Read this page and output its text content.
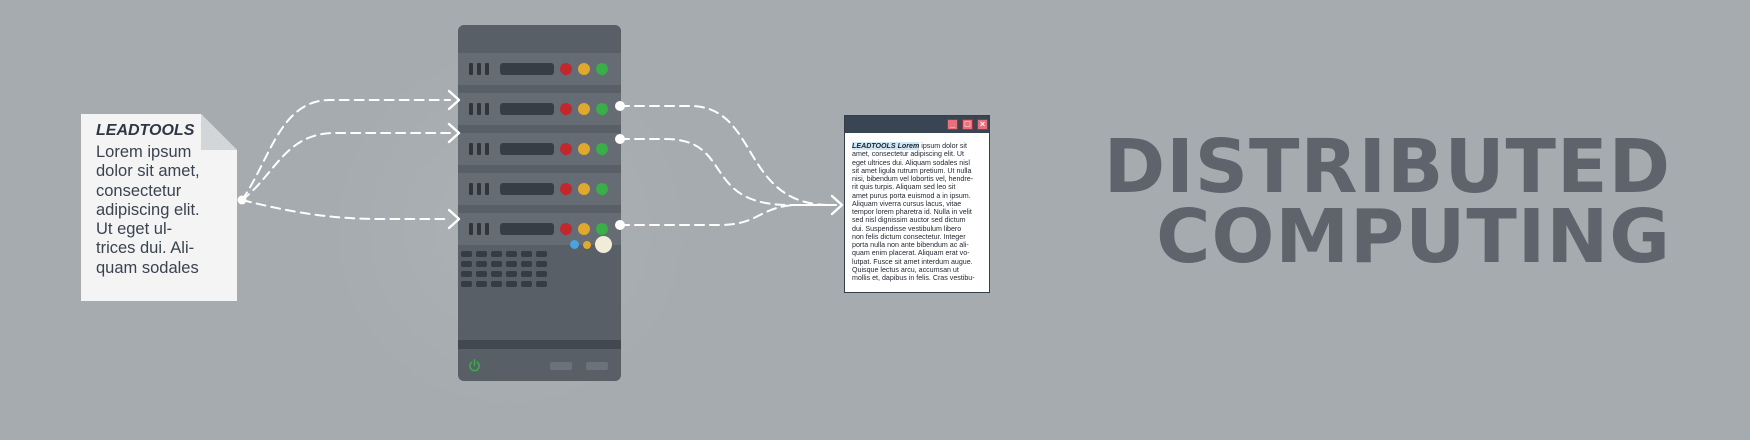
LEADTOOLS
Lorem ipsum
dolor sit amet,
consectetur
adipiscing elit.
Ut eget ul-
trices dui. Ali-
quam sodales
_	□	×
LEADTOOLS Lorem ipsum dolor sit
amet, consectetur adipiscing elit. Ut
eget ultrices dui. Aliquam sodales nisl
sit amet ligula rutrum pretium. Ut nulla
nisi, bibendum vel lobortis vel, hendre-
rit quis turpis. Aliquam sed leo sit
amet purus porta euismod a in ipsum.
Aliquam viverra cursus lacus, vitae
tempor lorem pharetra id. Nulla in velit
sed nisl dignissim auctor sed dictum
dui. Suspendisse vestibulum libero
non felis dictum consectetur. Integer
porta nulla non ante bibendum ac ali-
quam enim placerat. Aliquam erat vo-
lutpat. Fusce sit amet interdum augue.
Quisque lectus arcu, accumsan ut
mollis et, dapibus in felis. Cras vestibu-
DISTRIBUTED
COMPUTING
